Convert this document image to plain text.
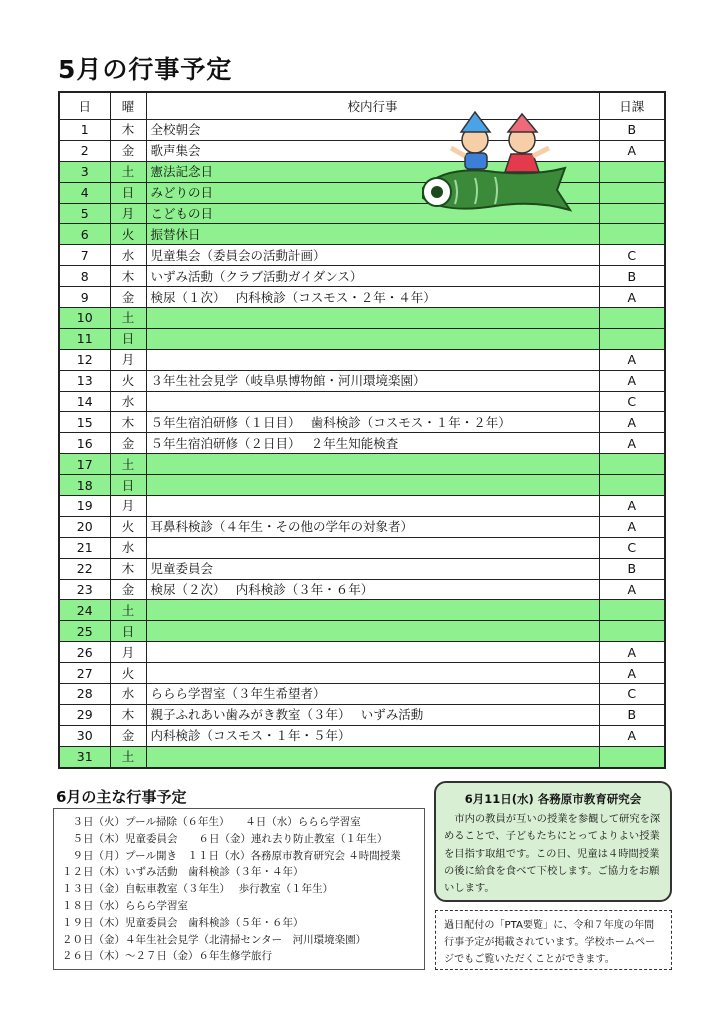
5月の行事予定
日	曜	校内行事	日課
1	木	全校朝会	B
2	金	歌声集会	A
3	土	憲法記念日	
4	日	みどりの日	
5	月	こどもの日	
6	火	振替休日	
7	水	児童集会（委員会の活動計画）	C
8	木	いずみ活動（クラブ活動ガイダンス）	B
9	金	検尿（１次）　 内科検診（コスモス・２年・４年）	A
10	土		
11	日		
12	月		A
13	火	３年生社会見学（岐阜県博物館・河川環境楽園）	A
14	水		C
15	木	５年生宿泊研修（１日目）　 歯科検診（コスモス・１年・２年）	A
16	金	５年生宿泊研修（２日目）　 ２年生知能検査	A
17	土		
18	日		
19	月		A
20	火	耳鼻科検診（４年生・その他の学年の対象者）	A
21	水		C
22	木	児童委員会	B
23	金	検尿（２次）　 内科検診（３年・６年）	A
24	土		
25	日		
26	月		A
27	火		A
28	水	ららら学習室（３年生希望者）	C
29	木	親子ふれあい歯みがき教室（３年）　 いずみ活動	B
30	金	内科検診（コスモス・１年・５年）	A
31	土		
6月の主な行事予定
　３日（火）プール掃除（６年生）　　４日（水）ららら学習室
　５日（木）児童委員会　　６日（金）連れ去り防止教室（１年生）
　９日（月）プール開き　１１日（水）各務原市教育研究会 ４時間授業
１２日（木）いずみ活動　歯科検診（３年・４年）
１３日（金）自転車教室（３年生）　 歩行教室（１年生）
１８日（水）ららら学習室
１９日（木）児童委員会　歯科検診（５年・６年）
２０日（金）４年生社会見学（北清掃センター　河川環境楽園）
２６日（木）～２７日（金）６年生修学旅行
6月11日(水) 各務原市教育研究会
　市内の教員が互いの授業を参観して研究を深めることで、子どもたちにとってよりよい授業を目指す取組です。この日、児童は４時間授業の後に給食を食べて下校します。ご協力をお願いします。
過日配付の「PTA要覧」に、令和７年度の年間行事予定が掲載されています。学校ホームページでもご覧いただくことができます。
